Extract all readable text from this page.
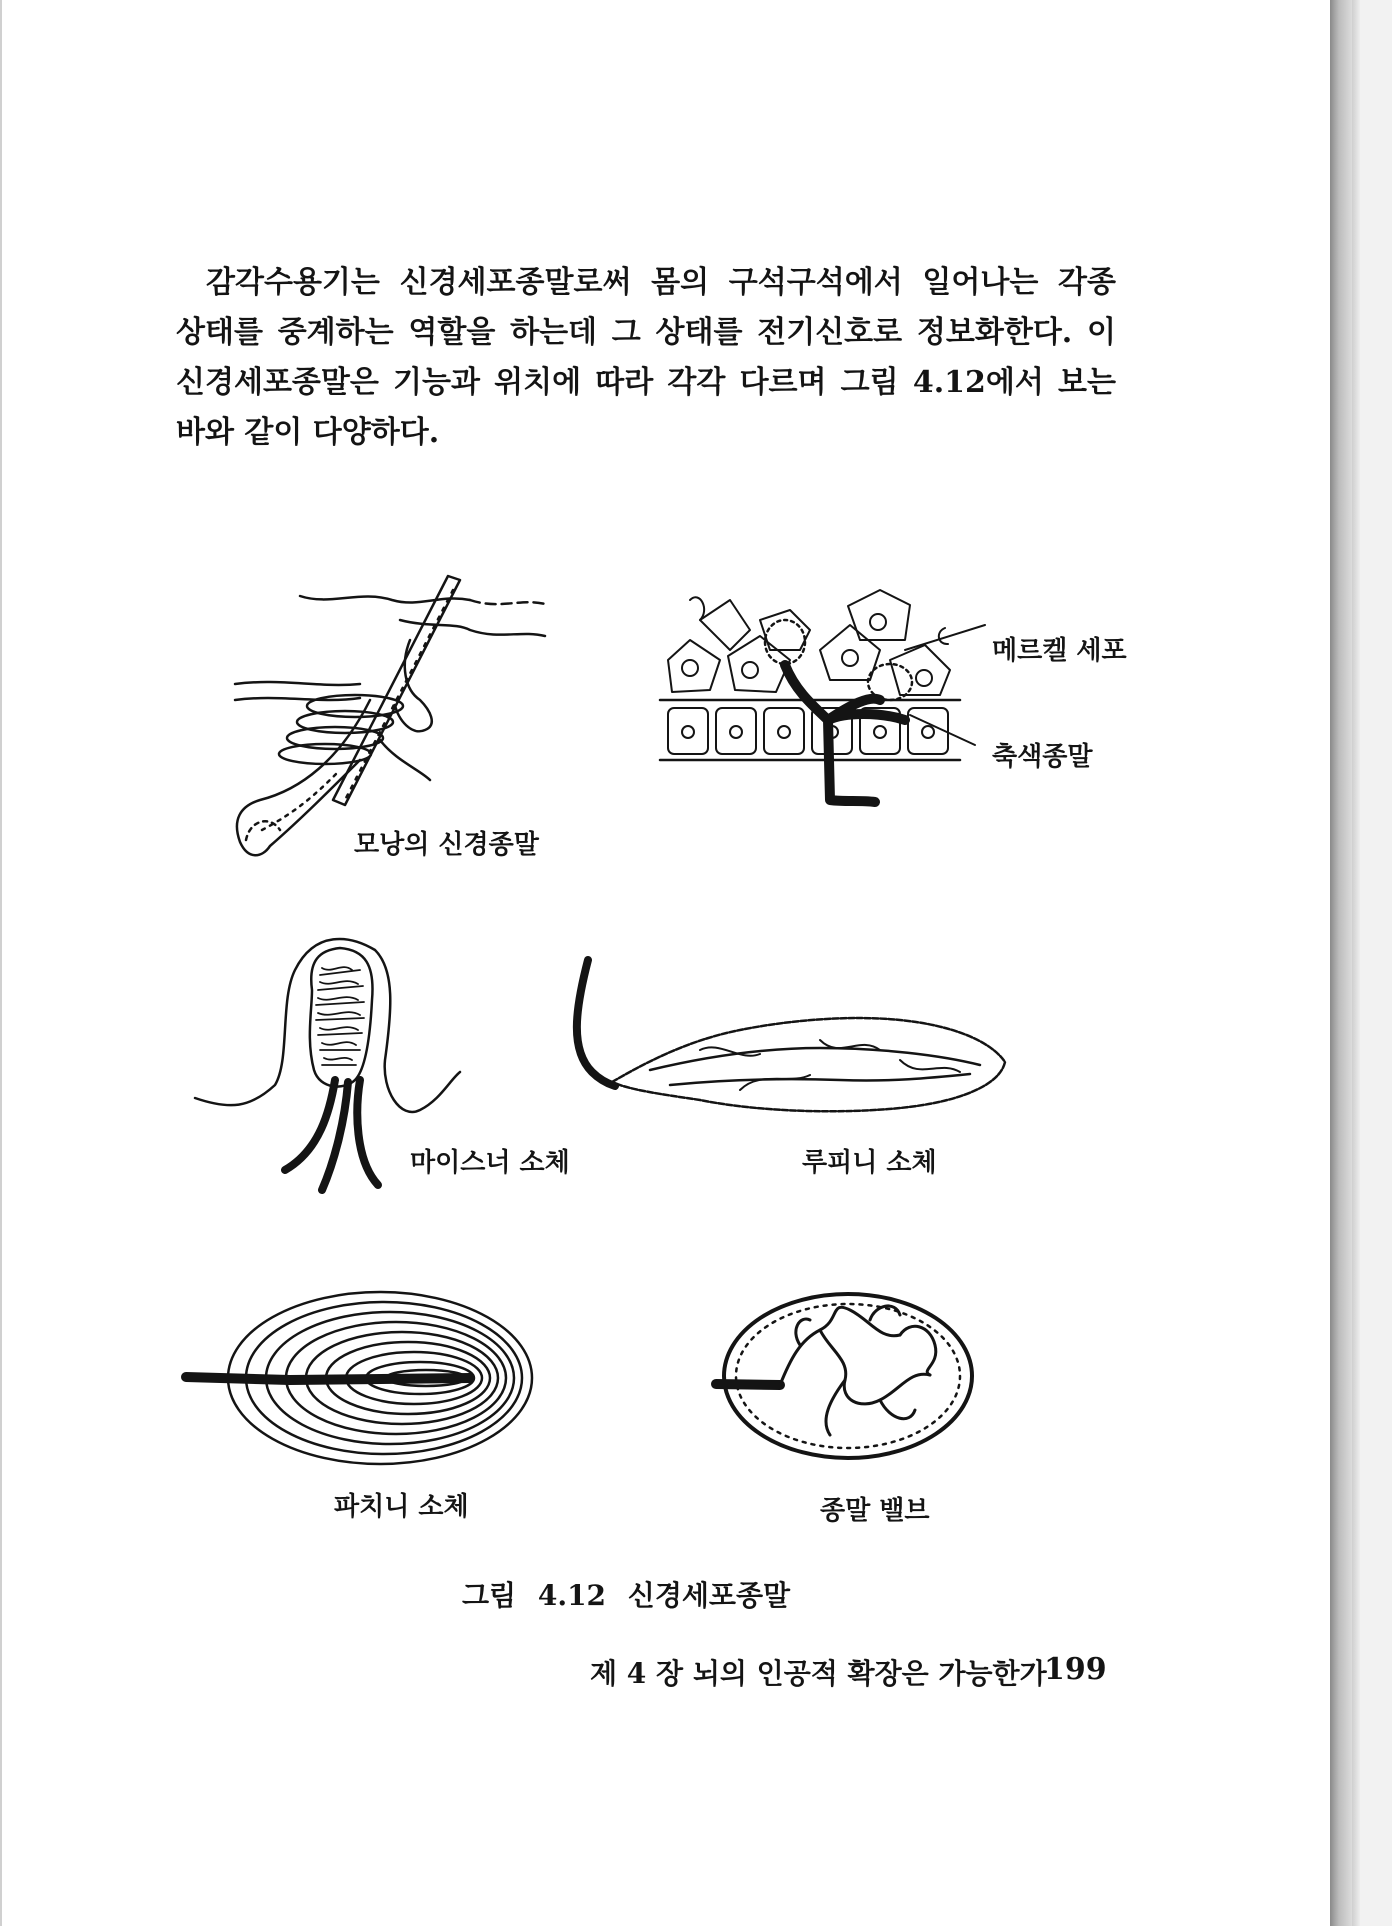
감각수용기는 신경세포종말로써 몸의 구석구석에서 일어나는 각종
상태를 중계하는 역할을 하는데 그 상태를 전기신호로 정보화한다. 이
신경세포종말은 기능과 위치에 따라 각각 다르며 그림 4.12에서 보는
바와 같이 다양하다.

모낭의 신경종말

메르켈 세포

축색종말

마이스너 소체	루피니 소체

파치니 소체	종말 밸브

그림 4.12 신경세포종말

제 4 장 뇌의 인공적 확장은 가능한가

199
